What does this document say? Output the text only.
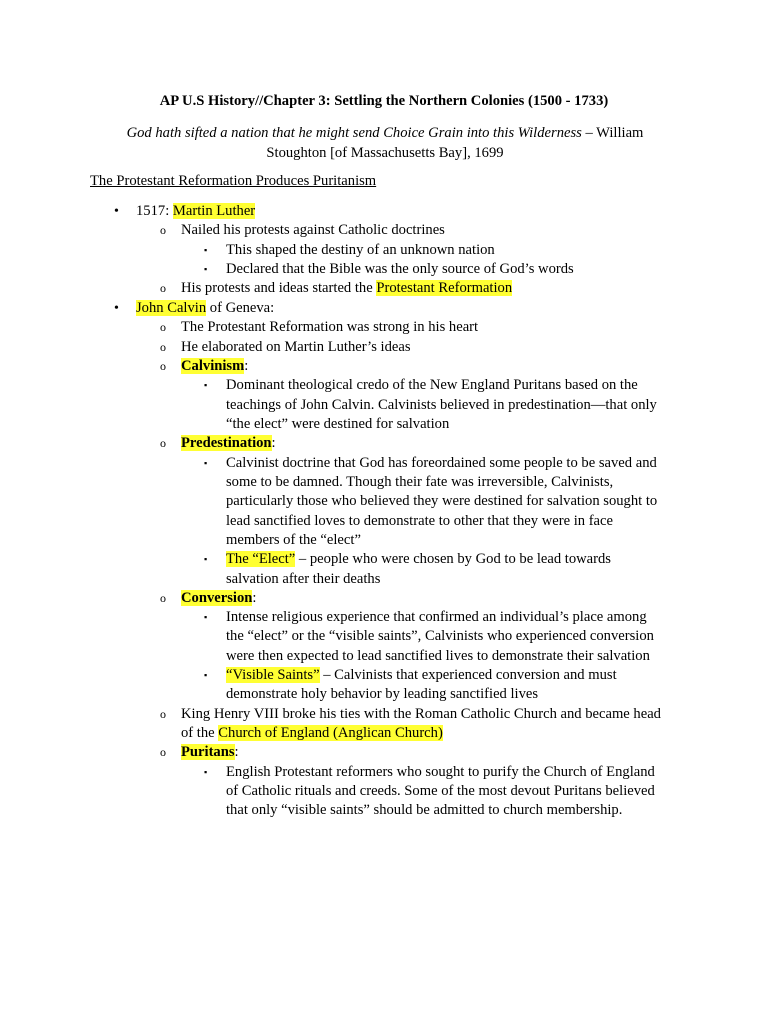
AP U.S History//Chapter 3: Settling the Northern Colonies (1500 - 1733)
God hath sifted a nation that he might send Choice Grain into this Wilderness – William
Stoughton [of Massachusetts Bay], 1699
The Protestant Reformation Produces Puritanism
• 1517: Martin Luther
o Nailed his protests against Catholic doctrines
▪ This shaped the destiny of an unknown nation
▪ Declared that the Bible was the only source of God’s words
o His protests and ideas started the Protestant Reformation
• John Calvin of Geneva:
o The Protestant Reformation was strong in his heart
o He elaborated on Martin Luther’s ideas
o Calvinism:
▪ Dominant theological credo of the New England Puritans based on the
teachings of John Calvin. Calvinists believed in predestination—that only
“the elect” were destined for salvation
o Predestination:
▪ Calvinist doctrine that God has foreordained some people to be saved and
some to be damned. Though their fate was irreversible, Calvinists,
particularly those who believed they were destined for salvation sought to
lead sanctified loves to demonstrate to other that they were in face
members of the “elect”
▪ The “Elect” – people who were chosen by God to be lead towards
salvation after their deaths
o Conversion:
▪ Intense religious experience that confirmed an individual’s place among
the “elect” or the “visible saints”, Calvinists who experienced conversion
were then expected to lead sanctified lives to demonstrate their salvation
▪ “Visible Saints” – Calvinists that experienced conversion and must
demonstrate holy behavior by leading sanctified lives
o King Henry VIII broke his ties with the Roman Catholic Church and became head
of the Church of England (Anglican Church)
o Puritans:
▪ English Protestant reformers who sought to purify the Church of England
of Catholic rituals and creeds. Some of the most devout Puritans believed
that only “visible saints” should be admitted to church membership.
